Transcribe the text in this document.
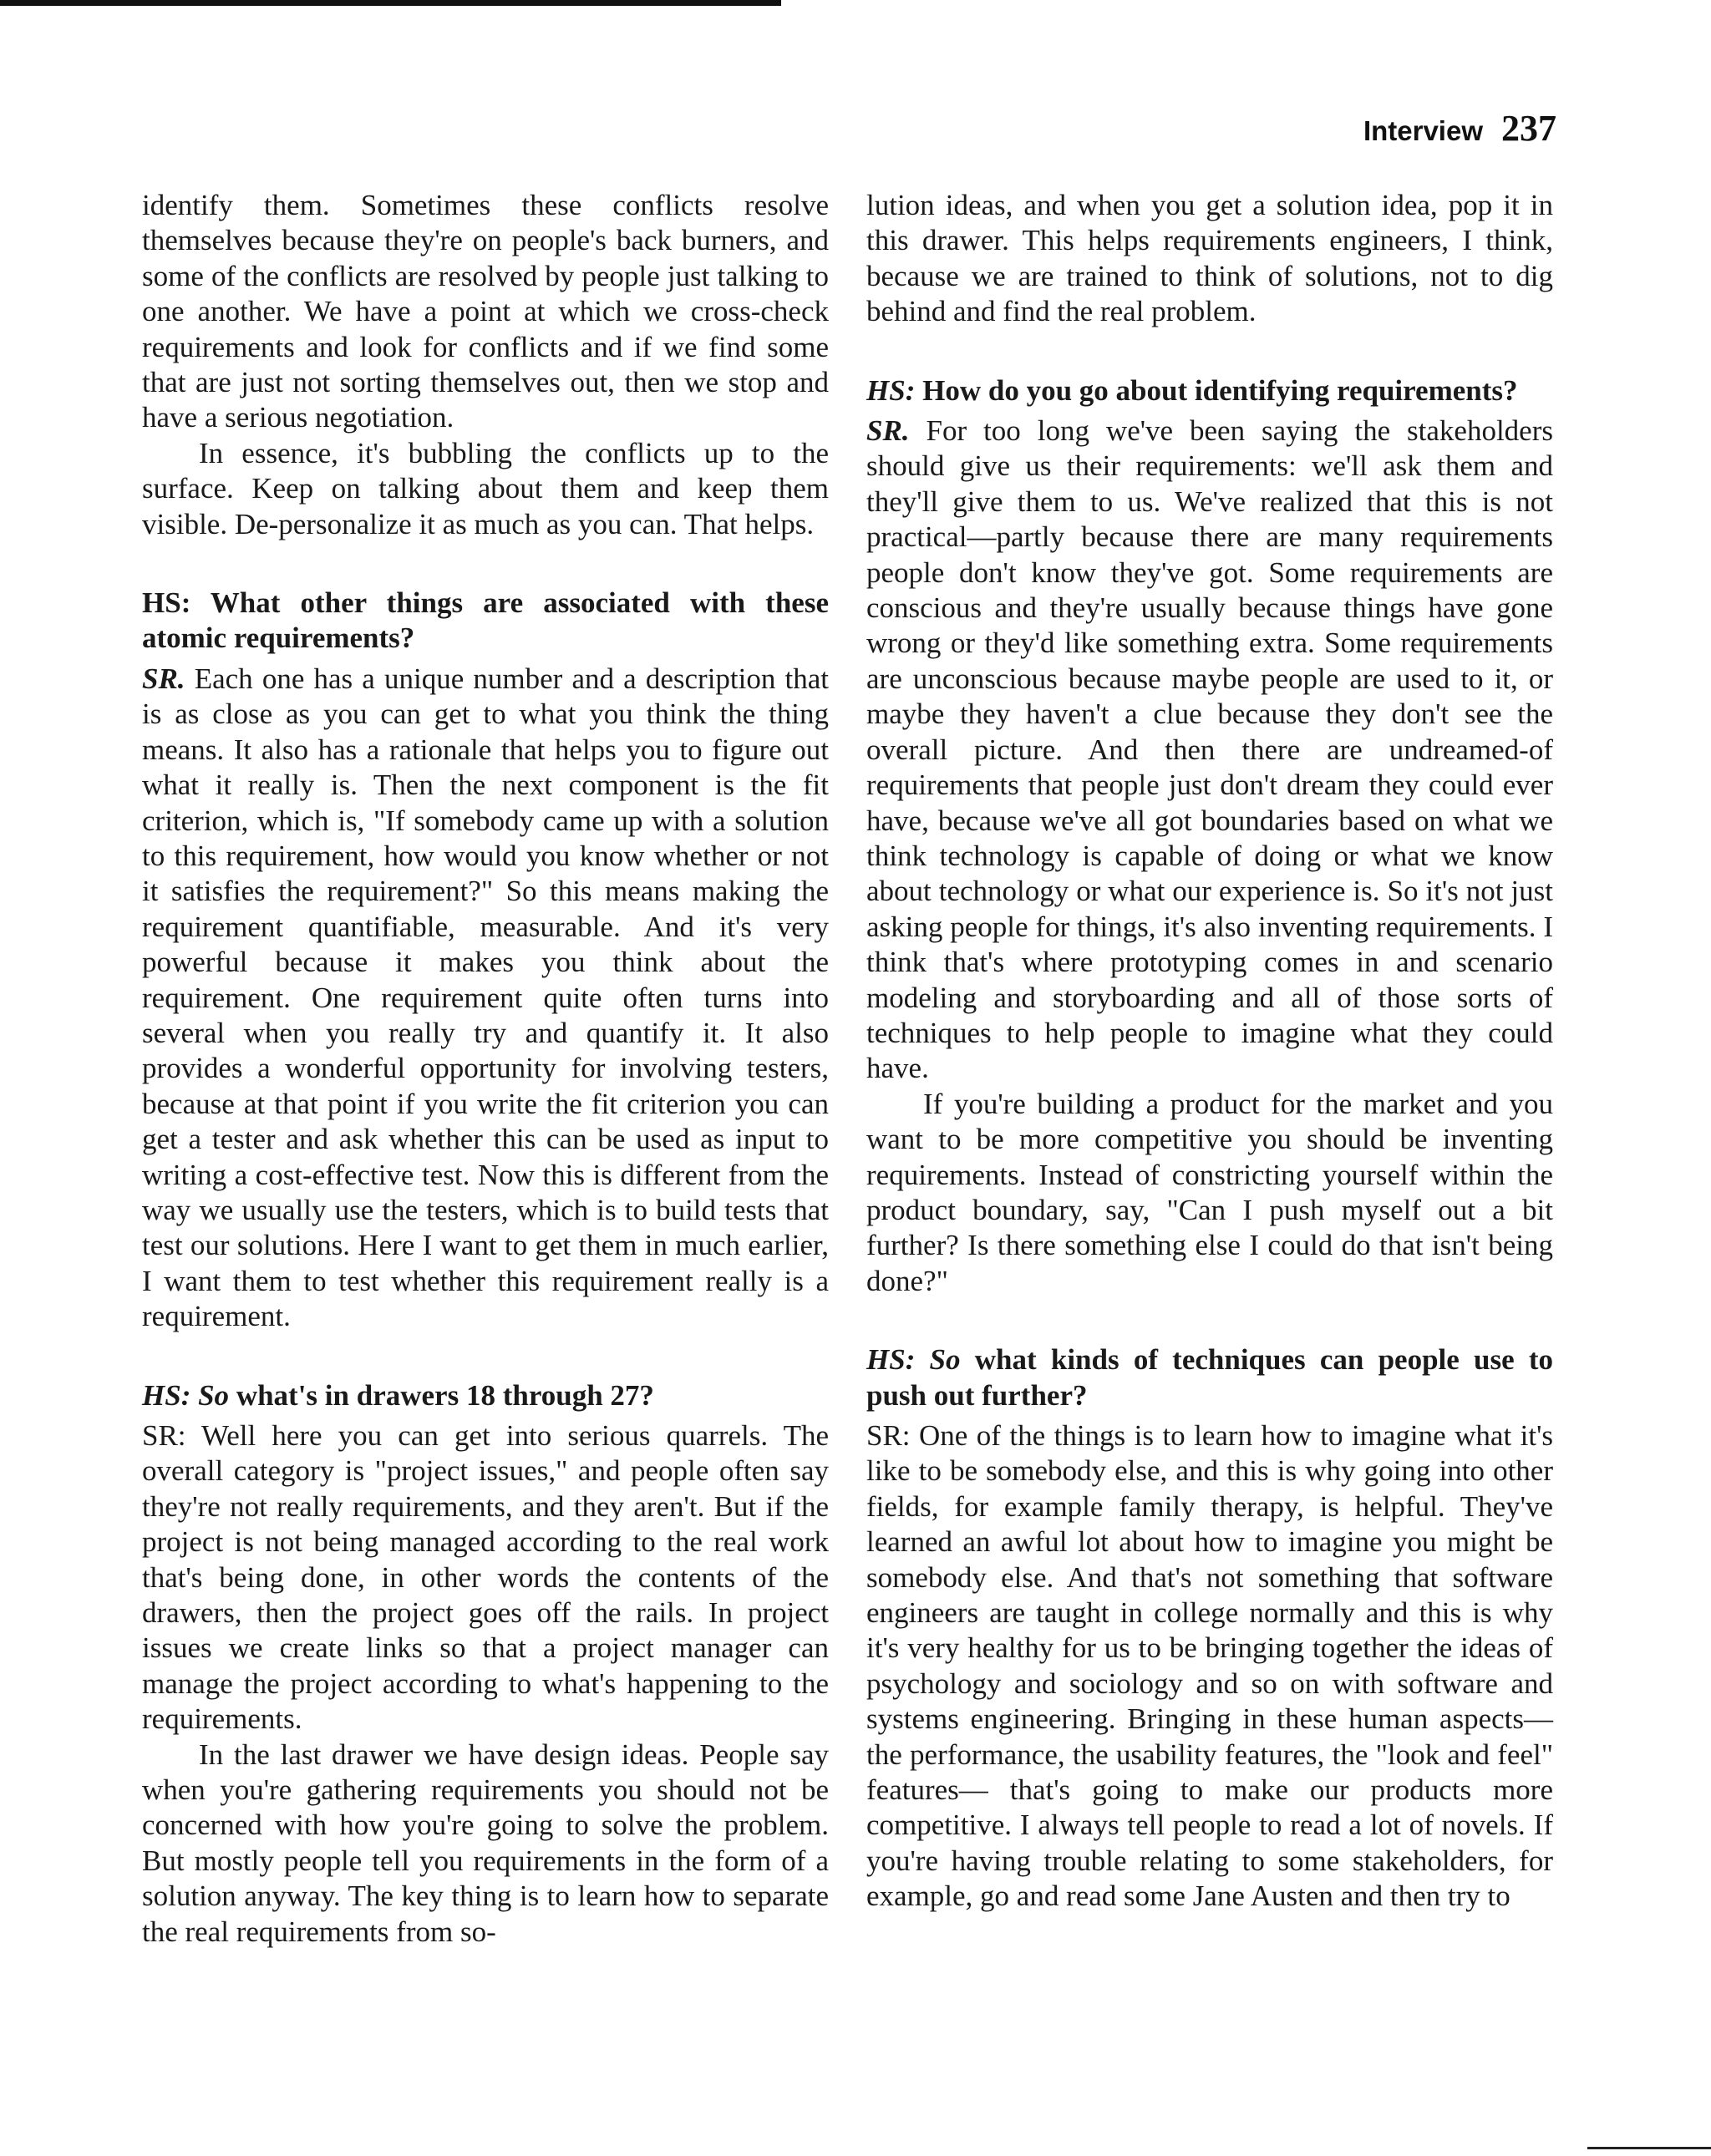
Interview 237

identify them. Sometimes these conflicts resolve themselves because they're on people's back burners, and some of the conflicts are resolved by people just talking to one another. We have a point at which we cross-check requirements and look for conflicts and if we find some that are just not sorting themselves out, then we stop and have a serious negotiation.

In essence, it's bubbling the conflicts up to the surface. Keep on talking about them and keep them visible. De-personalize it as much as you can. That helps.

HS: What other things are associated with these atomic requirements?

SR. Each one has a unique number and a description that is as close as you can get to what you think the thing means. It also has a rationale that helps you to figure out what it really is. Then the next component is the fit criterion, which is, "If somebody came up with a solution to this requirement, how would you know whether or not it satisfies the requirement?" So this means making the requirement quantifiable, measurable. And it's very powerful because it makes you think about the requirement. One requirement quite often turns into several when you really try and quantify it. It also provides a wonderful opportunity for involving testers, because at that point if you write the fit criterion you can get a tester and ask whether this can be used as input to writing a cost-effective test. Now this is different from the way we usually use the testers, which is to build tests that test our solutions. Here I want to get them in much earlier, I want them to test whether this requirement really is a requirement.

HS: So what's in drawers 18 through 27?

SR: Well here you can get into serious quarrels. The overall category is "project issues," and people often say they're not really requirements, and they aren't. But if the project is not being managed according to the real work that's being done, in other words the contents of the drawers, then the project goes off the rails. In project issues we create links so that a project manager can manage the project according to what's happening to the requirements.

In the last drawer we have design ideas. People say when you're gathering requirements you should not be concerned with how you're going to solve the problem. But mostly people tell you requirements in the form of a solution anyway. The key thing is to learn how to separate the real requirements from so-

lution ideas, and when you get a solution idea, pop it in this drawer. This helps requirements engineers, I think, because we are trained to think of solutions, not to dig behind and find the real problem.

HS: How do you go about identifying requirements?

SR. For too long we've been saying the stakeholders should give us their requirements: we'll ask them and they'll give them to us. We've realized that this is not practical—partly because there are many requirements people don't know they've got. Some requirements are conscious and they're usually because things have gone wrong or they'd like something extra. Some requirements are unconscious because maybe people are used to it, or maybe they haven't a clue because they don't see the overall picture. And then there are undreamed-of requirements that people just don't dream they could ever have, because we've all got boundaries based on what we think technology is capable of doing or what we know about technology or what our experience is. So it's not just asking people for things, it's also inventing requirements. I think that's where prototyping comes in and scenario modeling and storyboarding and all of those sorts of techniques to help people to imagine what they could have.

If you're building a product for the market and you want to be more competitive you should be inventing requirements. Instead of constricting yourself within the product boundary, say, "Can I push myself out a bit further? Is there something else I could do that isn't being done?"

HS: So what kinds of techniques can people use to push out further?

SR: One of the things is to learn how to imagine what it's like to be somebody else, and this is why going into other fields, for example family therapy, is helpful. They've learned an awful lot about how to imagine you might be somebody else. And that's not something that software engineers are taught in college normally and this is why it's very healthy for us to be bringing together the ideas of psychology and sociology and so on with software and systems engineering. Bringing in these human aspects—the performance, the usability features, the "look and feel" features— that's going to make our products more competitive. I always tell people to read a lot of novels. If you're having trouble relating to some stakeholders, for example, go and read some Jane Austen and then try to
